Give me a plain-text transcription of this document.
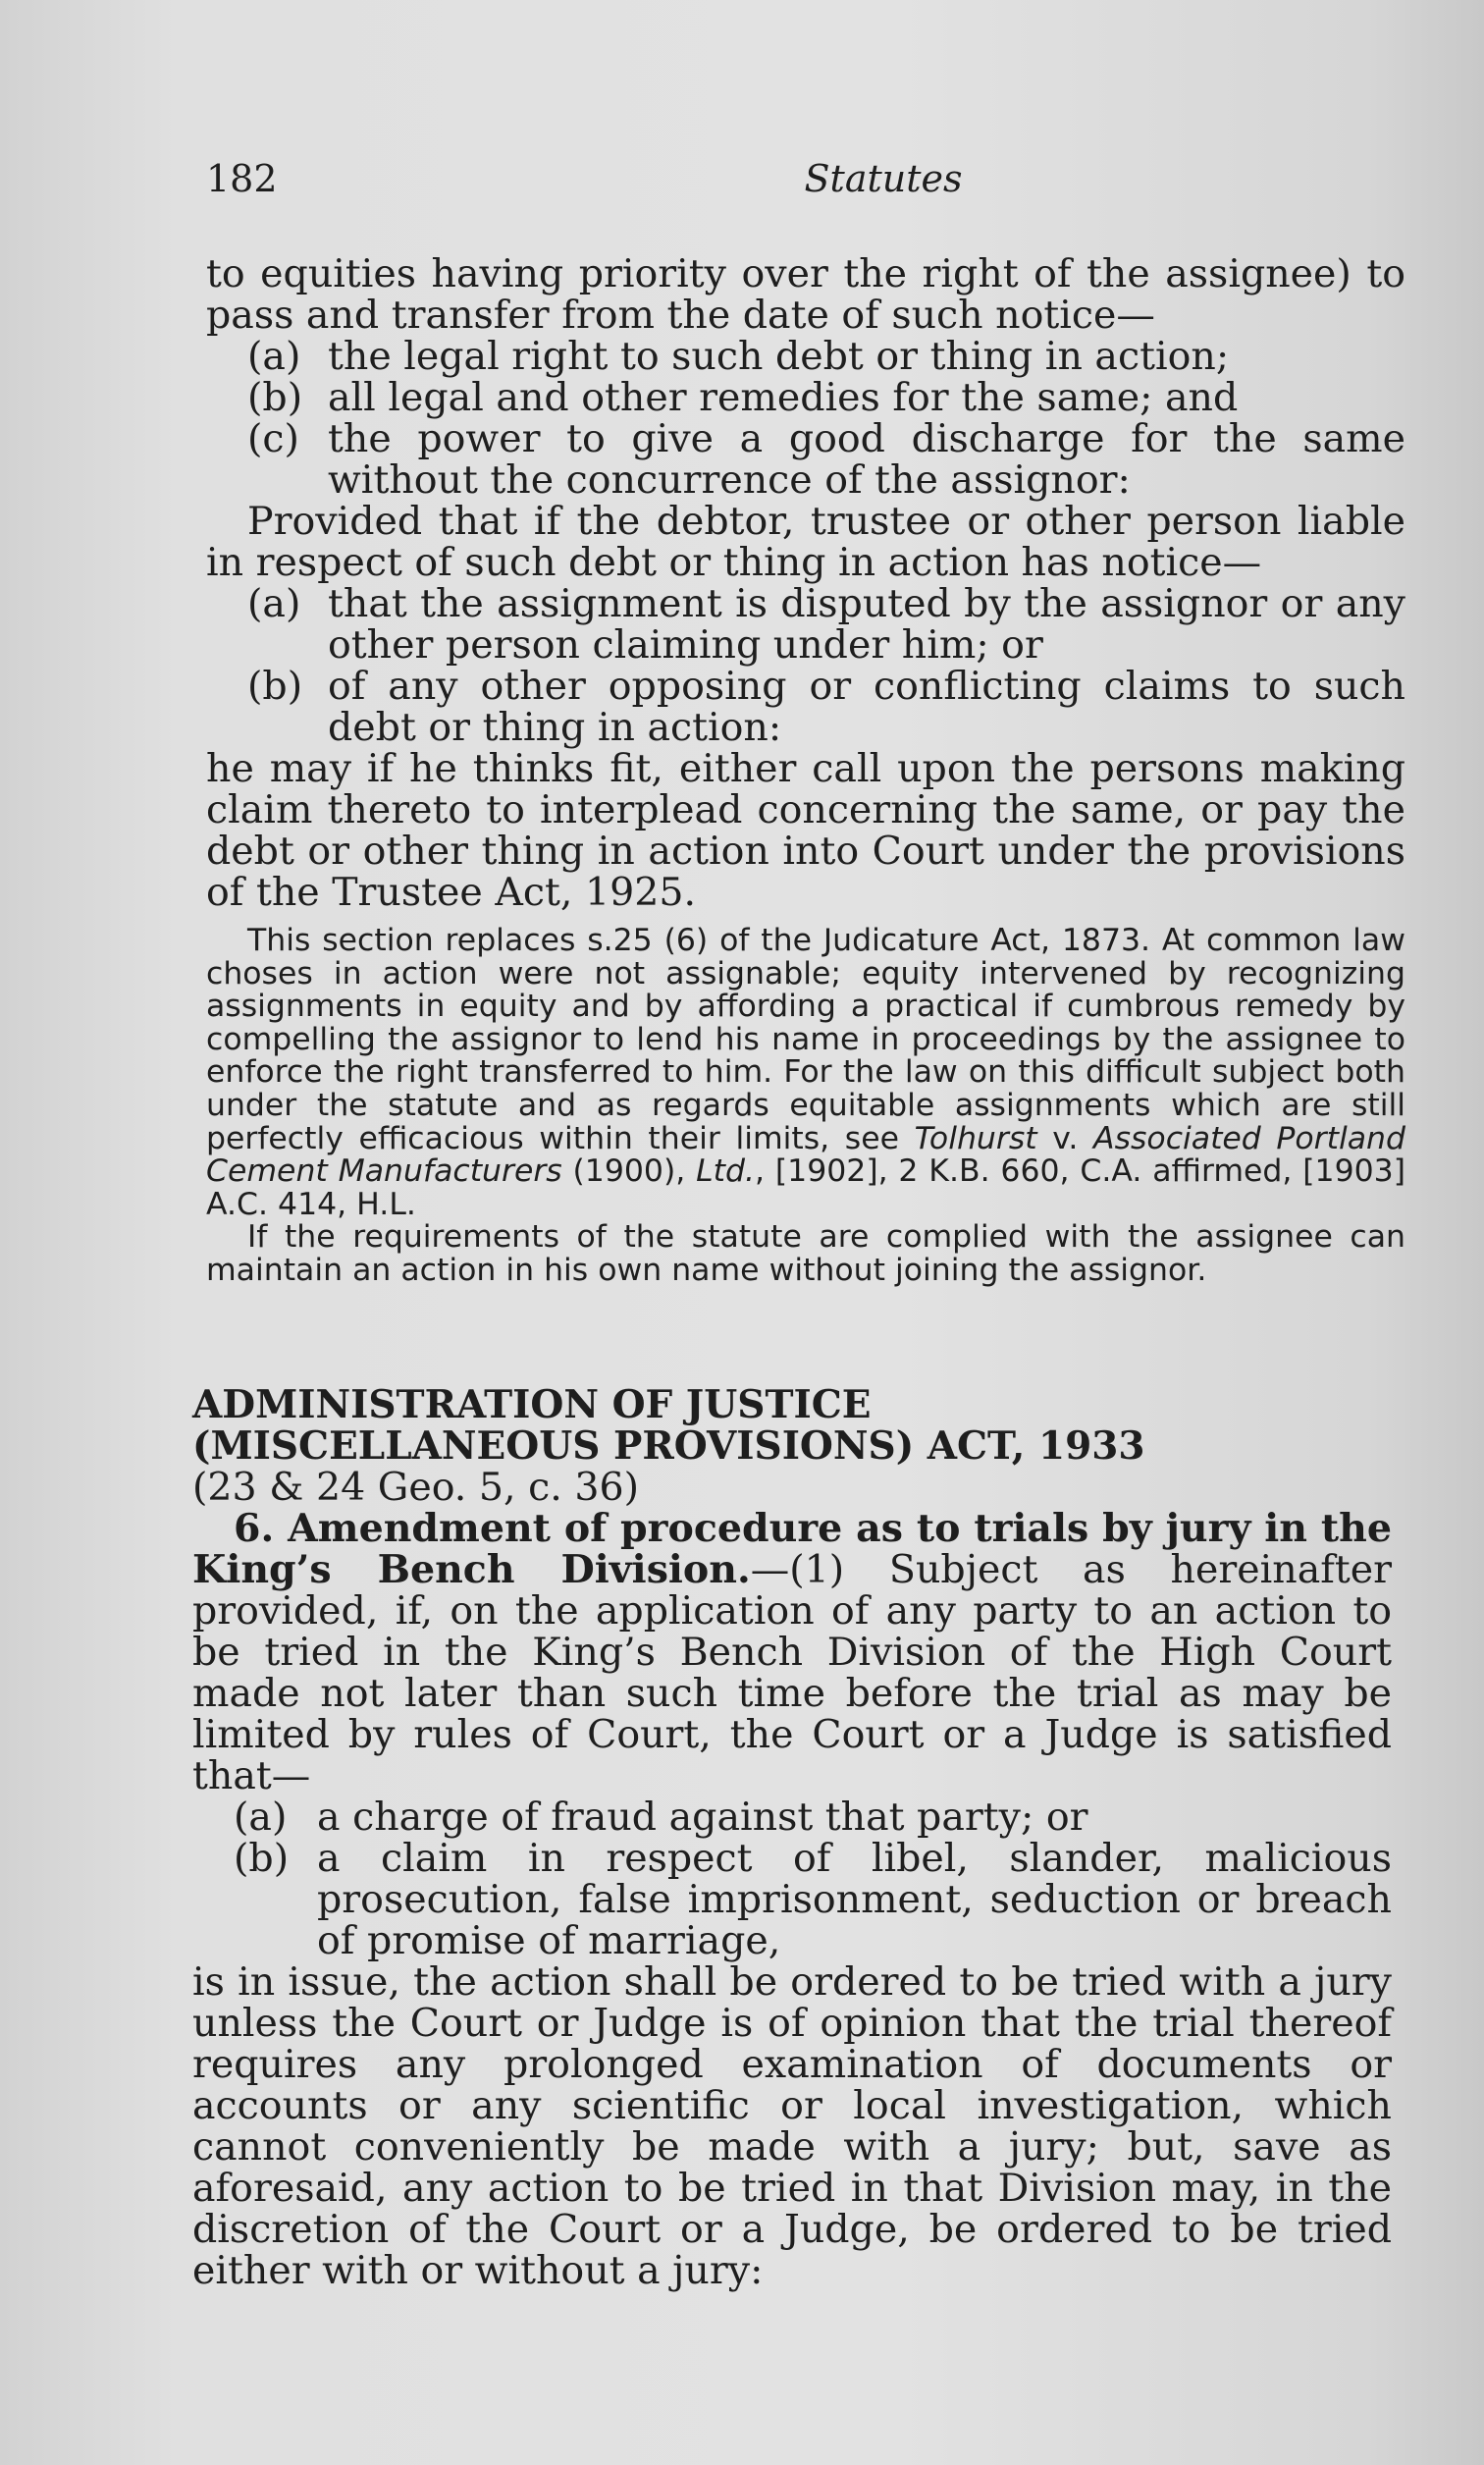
182	Statutes

to equities having priority over the right of the assignee) to pass and transfer from the date of such notice—

(a) the legal right to such debt or thing in action;
(b) all legal and other remedies for the same; and
(c) the power to give a good discharge for the same without the concurrence of the assignor:

Provided that if the debtor, trustee or other person liable in respect of such debt or thing in action has notice—

(a) that the assignment is disputed by the assignor or any other person claiming under him; or
(b) of any other opposing or conflicting claims to such debt or thing in action:

he may if he thinks fit, either call upon the persons making claim thereto to interplead concerning the same, or pay the debt or other thing in action into Court under the provisions of the Trustee Act, 1925.

This section replaces s.25 (6) of the Judicature Act, 1873. At common law choses in action were not assignable; equity intervened by recognizing assignments in equity and by affording a practical if cumbrous remedy by compelling the assignor to lend his name in proceedings by the assignee to enforce the right transferred to him. For the law on this difficult subject both under the statute and as regards equitable assignments which are still perfectly efficacious within their limits, see Tolhurst v. Associated Portland Cement Manufacturers (1900), Ltd., [1902], 2 K.B. 660, C.A. affirmed, [1903] A.C. 414, H.L.

If the requirements of the statute are complied with the assignee can maintain an action in his own name without joining the assignor.

ADMINISTRATION OF JUSTICE

(MISCELLANEOUS PROVISIONS) ACT, 1933

(23 & 24 Geo. 5, c. 36)

6. Amendment of procedure as to trials by jury in the King’s Bench Division.—(1) Subject as hereinafter provided, if, on the application of any party to an action to be tried in the King’s Bench Division of the High Court made not later than such time before the trial as may be limited by rules of Court, the Court or a Judge is satisfied that—

(a) a charge of fraud against that party; or
(b) a claim in respect of libel, slander, malicious prosecution, false imprisonment, seduction or breach of promise of marriage,

is in issue, the action shall be ordered to be tried with a jury unless the Court or Judge is of opinion that the trial thereof requires any prolonged examination of documents or accounts or any scientific or local investigation, which cannot conveniently be made with a jury; but, save as aforesaid, any action to be tried in that Division may, in the discretion of the Court or a Judge, be ordered to be tried either with or without a jury:
